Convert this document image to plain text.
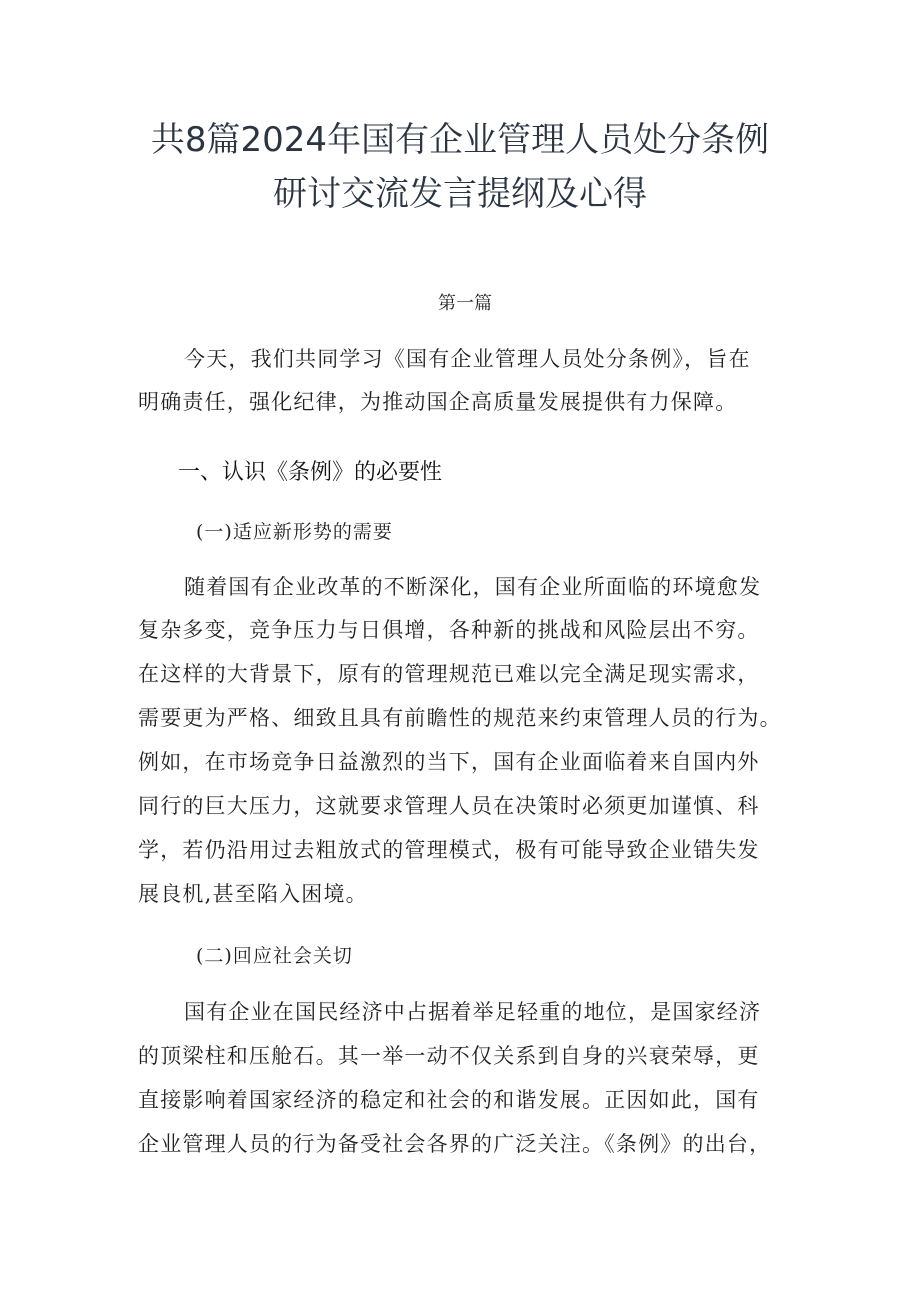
共8篇2024年国有企业管理人员处分条例
研讨交流发言提纲及心得
第一篇
今天，我们共同学习《国有企业管理人员处分条例》，旨在
明确责任，强化纪律，为推动国企高质量发展提供有力保障。
一、认识《条例》的必要性
(一)适应新形势的需要
随着国有企业改革的不断深化，国有企业所面临的环境愈发
复杂多变，竞争压力与日俱增，各种新的挑战和风险层出不穷。
在这样的大背景下，原有的管理规范已难以完全满足现实需求，
需要更为严格、细致且具有前瞻性的规范来约束管理人员的行为。
例如，在市场竞争日益激烈的当下，国有企业面临着来自国内外
同行的巨大压力，这就要求管理人员在决策时必须更加谨慎、科
学，若仍沿用过去粗放式的管理模式，极有可能导致企业错失发
展良机,甚至陷入困境。
(二)回应社会关切
国有企业在国民经济中占据着举足轻重的地位，是国家经济
的顶梁柱和压舱石。其一举一动不仅关系到自身的兴衰荣辱，更
直接影响着国家经济的稳定和社会的和谐发展。正因如此，国有
企业管理人员的行为备受社会各界的广泛关注。《条例》的出台，
